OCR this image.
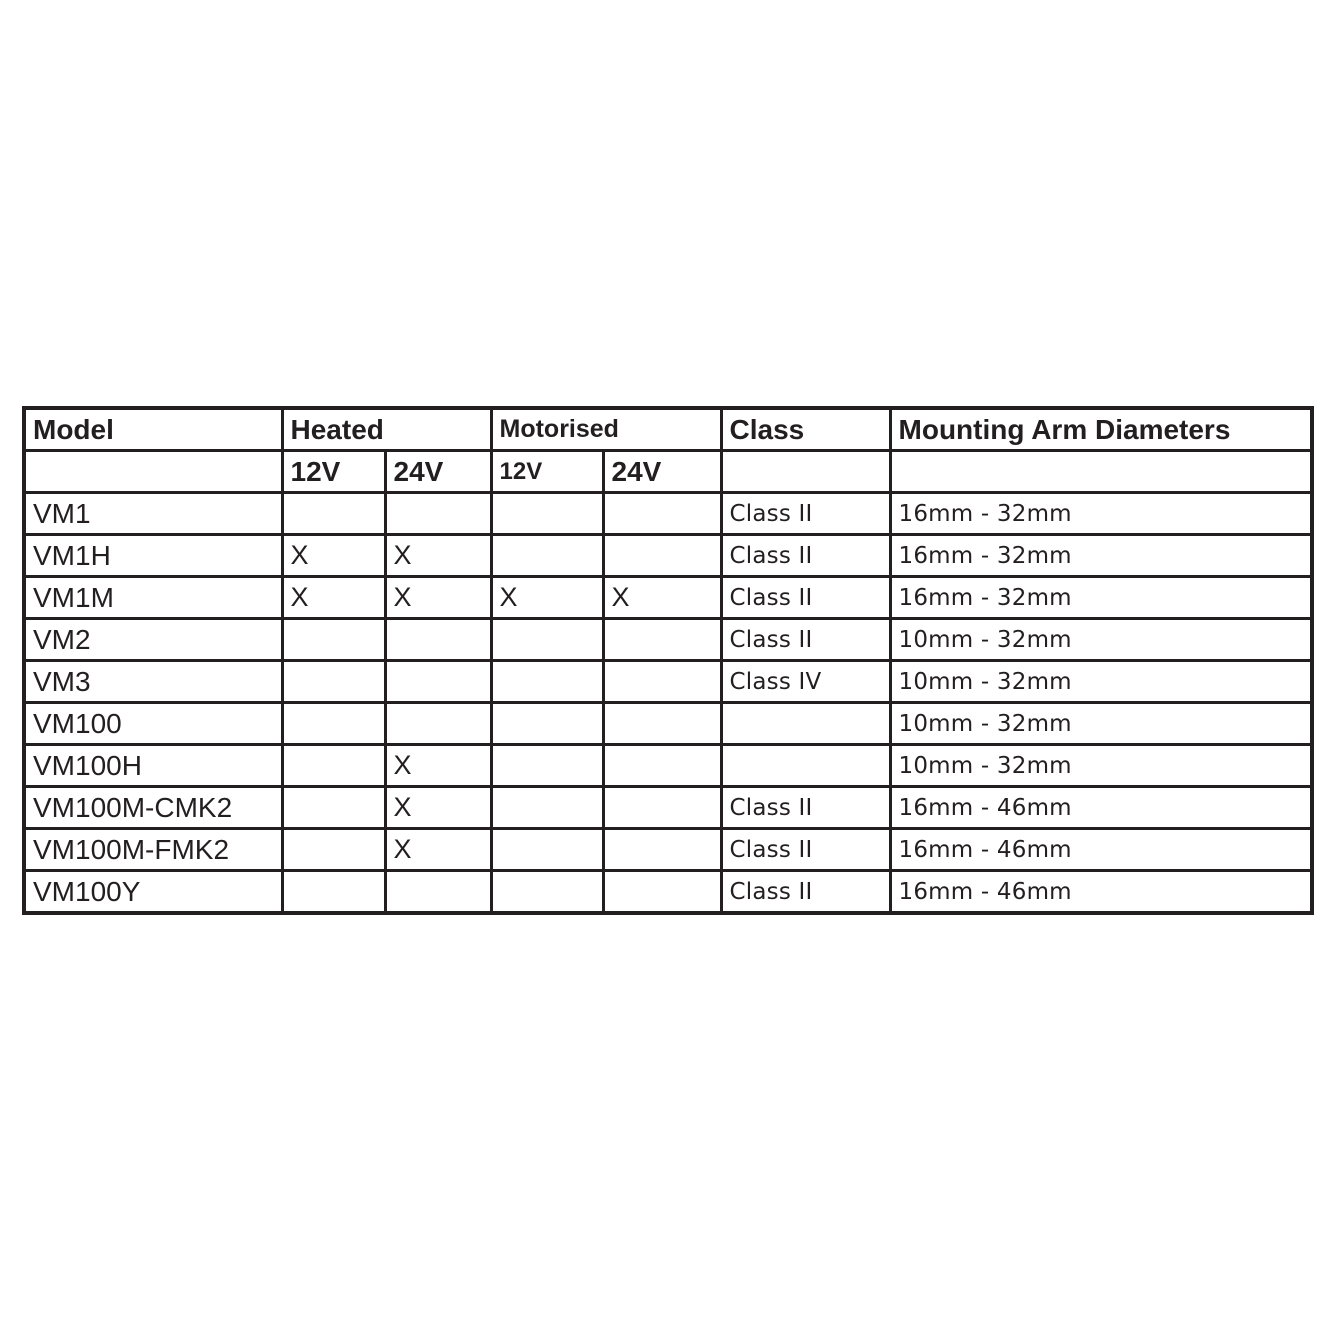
Model	Heated		Motorised		Class	Mounting Arm Diameters
	12V	24V	12V	24V		
VM1					Class II	16mm - 32mm
VM1H	X	X			Class II	16mm - 32mm
VM1M	X	X	X	X	Class II	16mm - 32mm
VM2					Class II	10mm - 32mm
VM3					Class IV	10mm - 32mm
VM100						10mm - 32mm
VM100H		X				10mm - 32mm
VM100M-CMK2		X			Class II	16mm - 46mm
VM100M-FMK2		X			Class II	16mm - 46mm
VM100Y					Class II	16mm - 46mm
